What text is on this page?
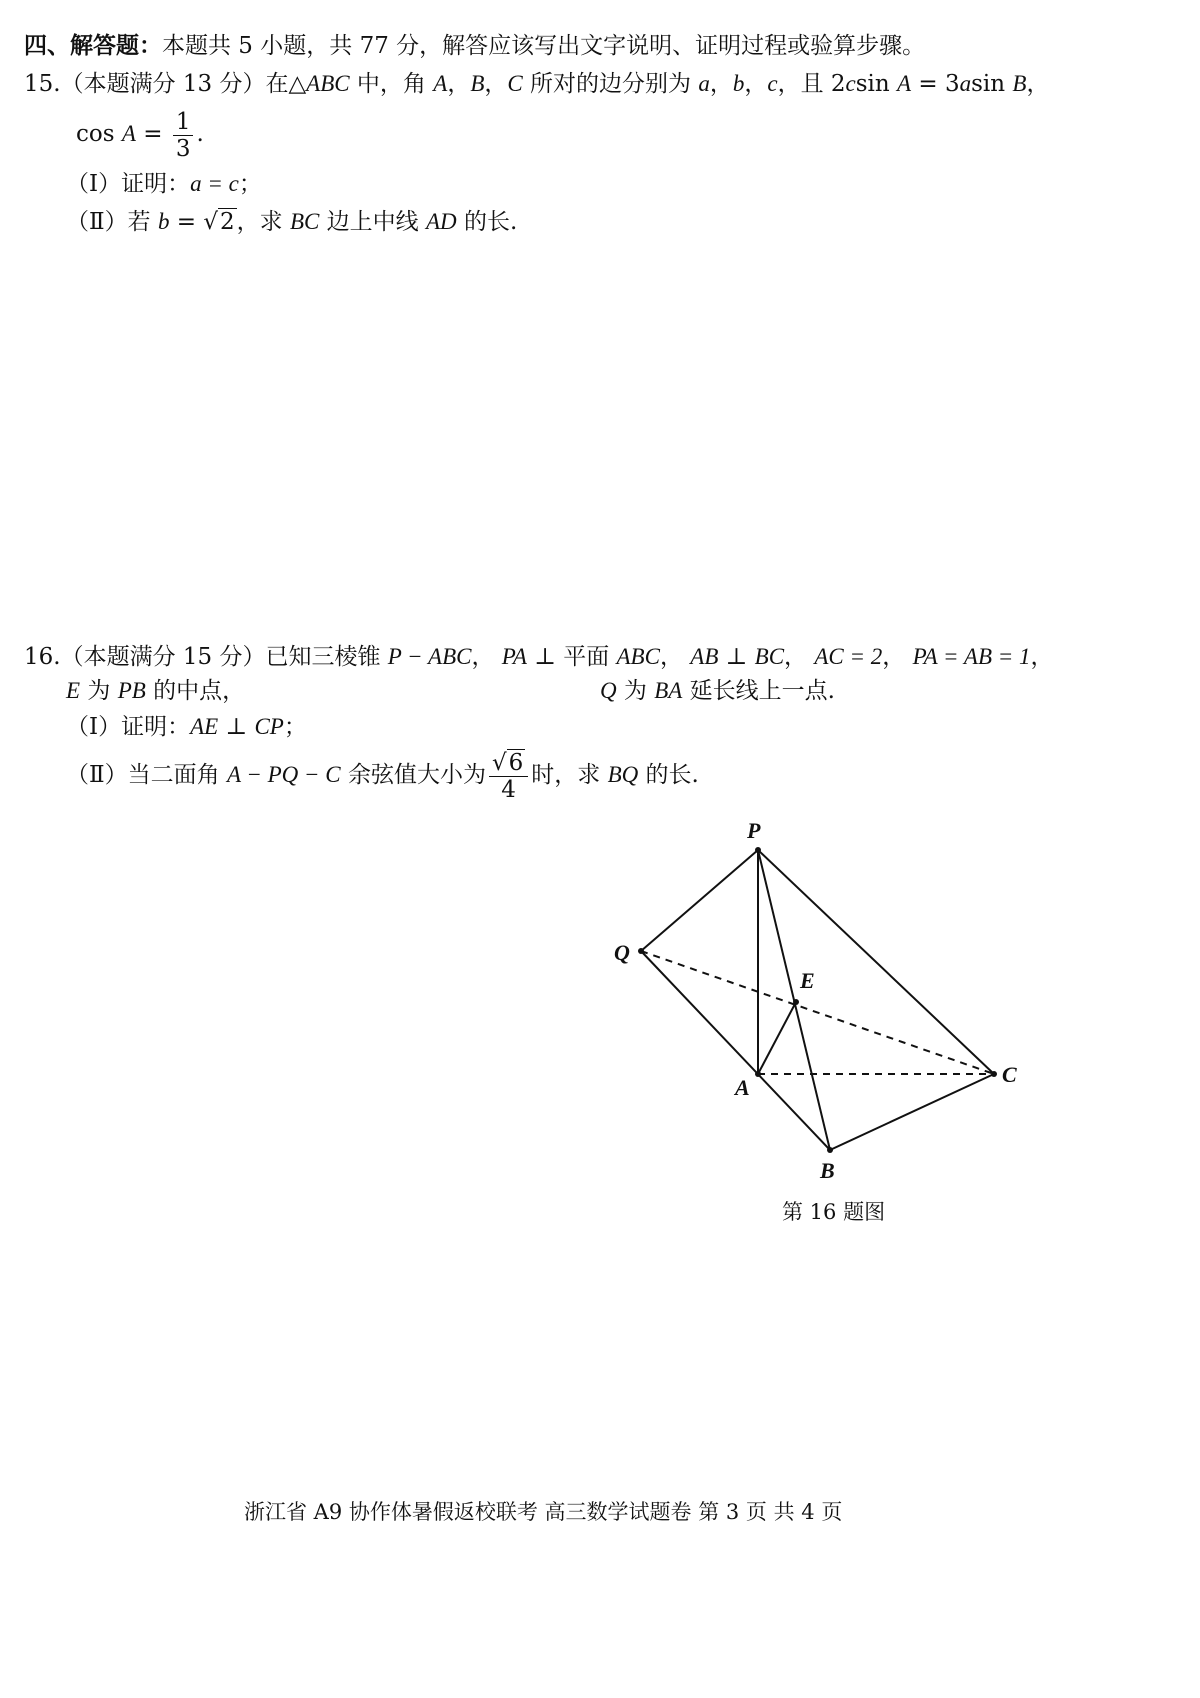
四、解答题：本题共 5 小题，共 77 分，解答应该写出文字说明、证明过程或验算步骤。
15.（本题满分 13 分）在△ABC 中，角 A，B，C 所对的边分别为 a，b，c，且 2csin A = 3asin B，
$\cos A = \frac{1}{3}$ .
（Ⅰ）证明：a = c；
（Ⅱ）若 b = √2，求 BC 边上中线 AD 的长.
16.（本题满分 15 分）已知三棱锥 P − ABC， PA ⊥ 平面 ABC， AB ⊥ BC， AC = 2， PA = AB = 1，
E 为 PB 的中点，	Q 为 BA 延长线上一点.
（Ⅰ）证明：AE ⊥ CP；
（Ⅱ）当二面角 A − PQ − C 余弦值大小为 $\frac{√6}{4}$ 时，求 BQ 的长.
P
Q
E
A
C
B
第 16 题图
浙江省 A9 协作体暑假返校联考 高三数学试题卷 第 3 页 共 4 页
